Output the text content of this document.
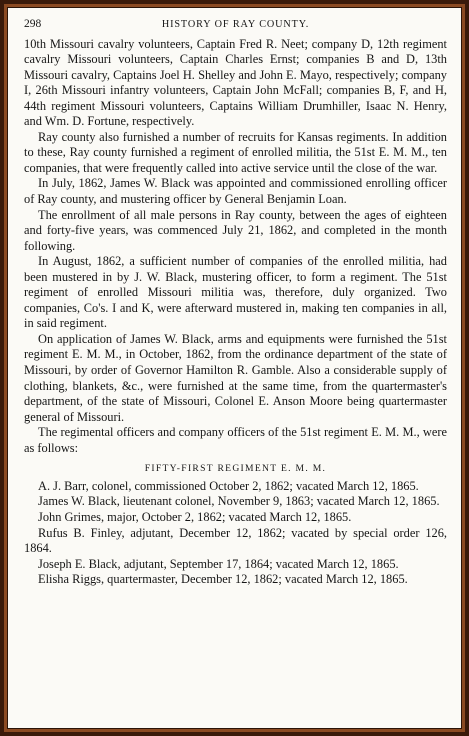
298	HISTORY OF RAY COUNTY.

10th Missouri cavalry volunteers, Captain Fred R. Neet; company D, 12th regiment cavalry Missouri volunteers, Captain Charles Ernst; companies B and D, 13th Missouri cavalry, Captains Joel H. Shelley and John E. Mayo, respectively; company I, 26th Missouri infantry volunteers, Captain John McFall; companies B, F, and H, 44th regiment Missouri volunteers, Captains William Drumhiller, Isaac N. Henry, and Wm. D. Fortune, respectively.

Ray county also furnished a number of recruits for Kansas regiments. In addition to these, Ray county furnished a regiment of enrolled militia, the 51st E. M. M., ten companies, that were frequently called into active service until the close of the war.

In July, 1862, James W. Black was appointed and commissioned enrolling officer of Ray county, and mustering officer by General Benjamin Loan.

The enrollment of all male persons in Ray county, between the ages of eighteen and forty-five years, was commenced July 21, 1862, and completed in the month following.

In August, 1862, a sufficient number of companies of the enrolled militia, had been mustered in by J. W. Black, mustering officer, to form a regiment. The 51st regiment of enrolled Missouri militia was, therefore, duly organized. Two companies, Co's. I and K, were afterward mustered in, making ten companies in all, in said regiment.

On application of James W. Black, arms and equipments were furnished the 51st regiment E. M. M., in October, 1862, from the ordinance department of the state of Missouri, by order of Governor Hamilton R. Gamble. Also a considerable supply of clothing, blankets, &c., were furnished at the same time, from the quartermaster's department, of the state of Missouri, Colonel E. Anson Moore being quartermaster general of Missouri.

The regimental officers and company officers of the 51st regiment E. M. M., were as follows:

FIFTY-FIRST REGIMENT E. M. M.

A. J. Barr, colonel, commissioned October 2, 1862; vacated March 12, 1865.

James W. Black, lieutenant colonel, November 9, 1863; vacated March 12, 1865.

John Grimes, major, October 2, 1862; vacated March 12, 1865.

Rufus B. Finley, adjutant, December 12, 1862; vacated by special order 126, 1864.

Joseph E. Black, adjutant, September 17, 1864; vacated March 12, 1865.

Elisha Riggs, quartermaster, December 12, 1862; vacated March 12, 1865.
